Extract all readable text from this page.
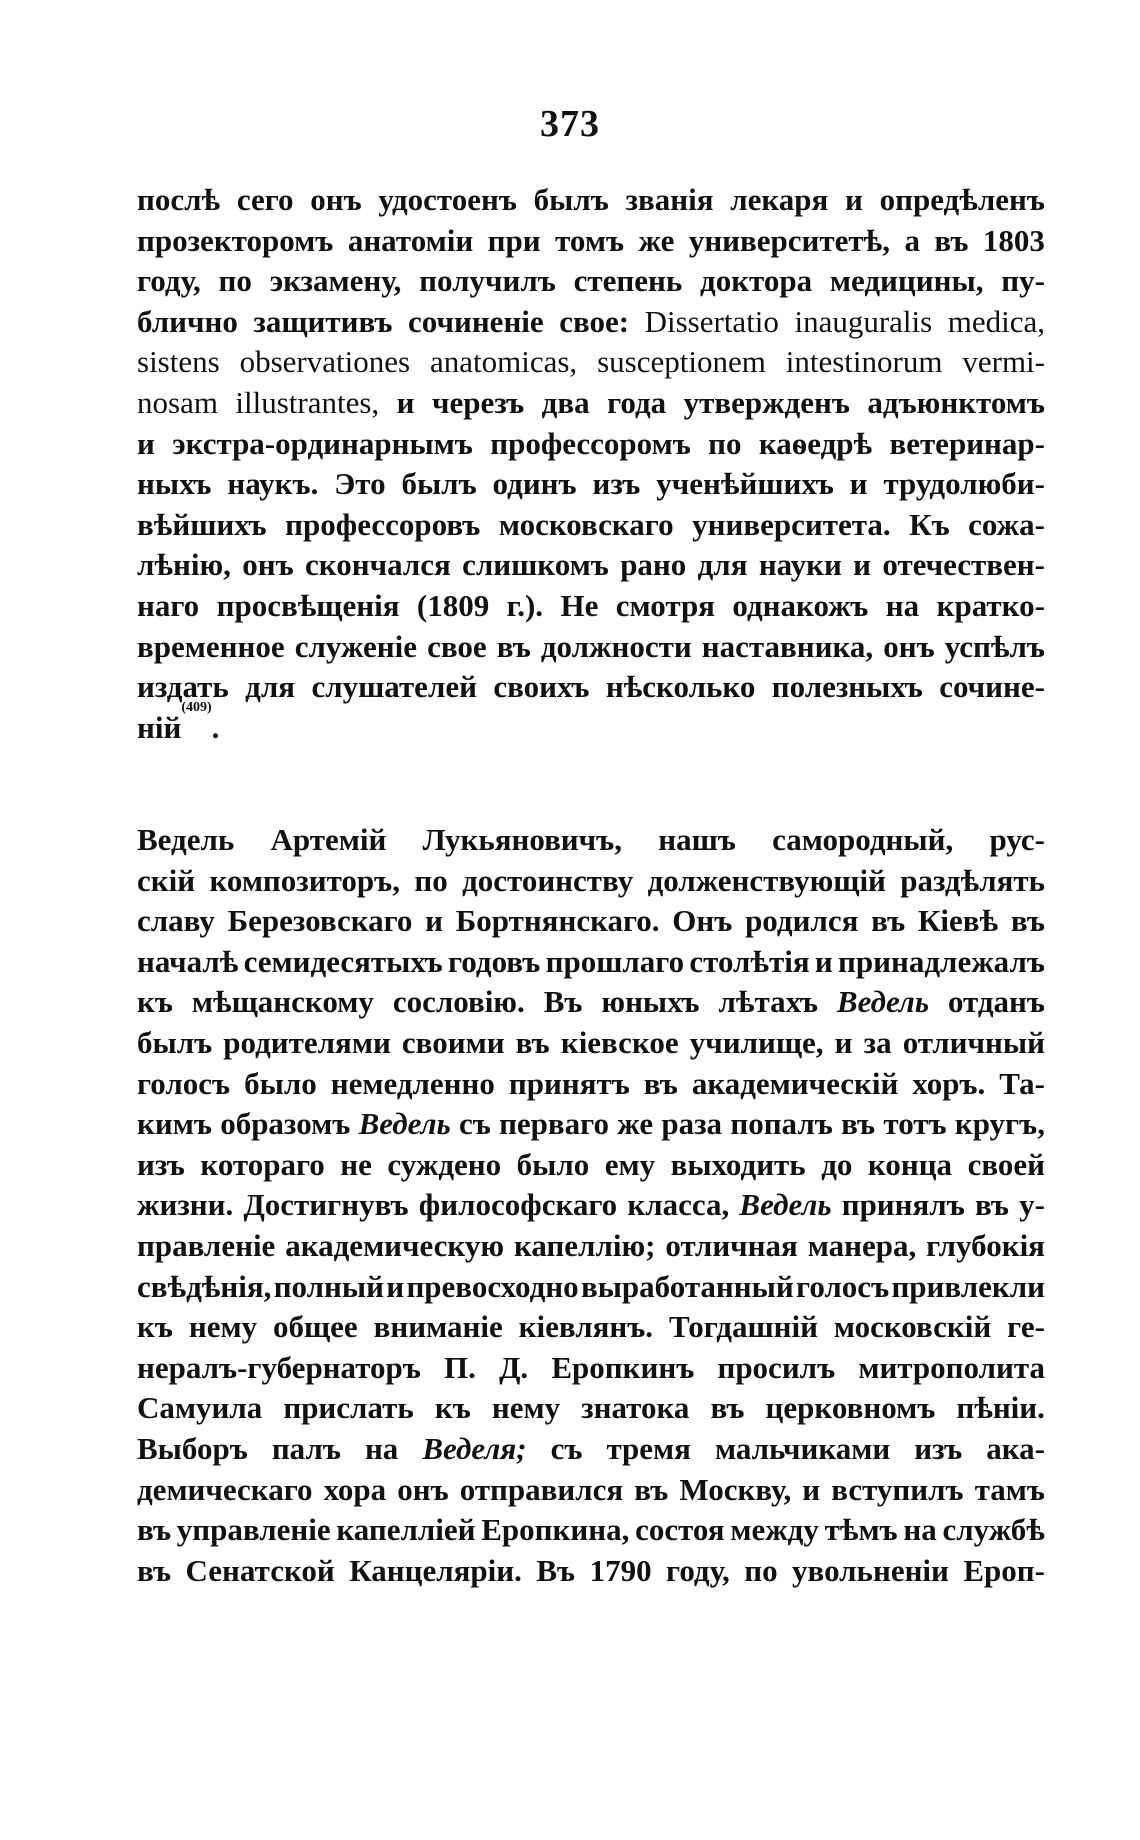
373
послѣ сего онъ удостоенъ былъ званія лекаря и опредѣленъ
прозекторомъ анатоміи при томъ же университетѣ, а въ 1803
году, по экзамену, получилъ степень доктора медицины, пу-
блично защитивъ сочиненіе свое: Dissertatio inauguralis medica,
sistens observationes anatomicas, susceptionem intestinorum vermi-
nosam illustrantes, и черезъ два года утвержденъ адъюнктомъ
и экстра-ординарнымъ профессоромъ по каѳедрѣ ветеринар-
ныхъ наукъ. Это былъ одинъ изъ ученѣйшихъ и трудолюби-
вѣйшихъ профессоровъ московскаго университета. Къ сожа-
лѣнію, онъ скончался слишкомъ рано для науки и отечествен-
наго просвѣщенія (1809 г.). Не смотря однакожъ на кратко-
временное служеніе свое въ должности наставника, онъ успѣлъ
издать для слушателей своихъ нѣсколько полезныхъ сочине-
ній
(409)
.
Ведель Артемій Лукьяновичъ, нашъ самородный, рус-
скій композиторъ, по достоинству долженствующій раздѣлять
славу Березовскаго и Бортнянскаго. Онъ родился въ Кіевѣ въ
началѣ семидесятыхъ годовъ прошлаго столѣтія и принадлежалъ
къ мѣщанскому сословію. Въ юныхъ лѣтахъ Ведель отданъ
былъ родителями своими въ кіевское училище, и за отличный
голосъ было немедленно принятъ въ академическій хоръ. Та-
кимъ образомъ Ведель съ перваго же раза попалъ въ тотъ кругъ,
изъ котораго не суждено было ему выходить до конца своей
жизни. Достигнувъ философскаго класса, Ведель принялъ въ у-
правленіе академическую капеллію; отличная манера, глубокія
свѣдѣнія, полный и превосходно выработанный голосъ привлекли
къ нему общее вниманіе кіевлянъ. Тогдашній московскій ге-
нералъ-губернаторъ П. Д. Еропкинъ просилъ митрополита
Самуила прислать къ нему знатока въ церковномъ пѣніи.
Выборъ палъ на Веделя; съ тремя мальчиками изъ ака-
демическаго хора онъ отправился въ Москву, и вступилъ тамъ
въ управленіе капеллiей Еропкина, состоя между тѣмъ на службѣ
въ Сенатской Канцеляріи. Въ 1790 году, по увольненіи Ероп-
